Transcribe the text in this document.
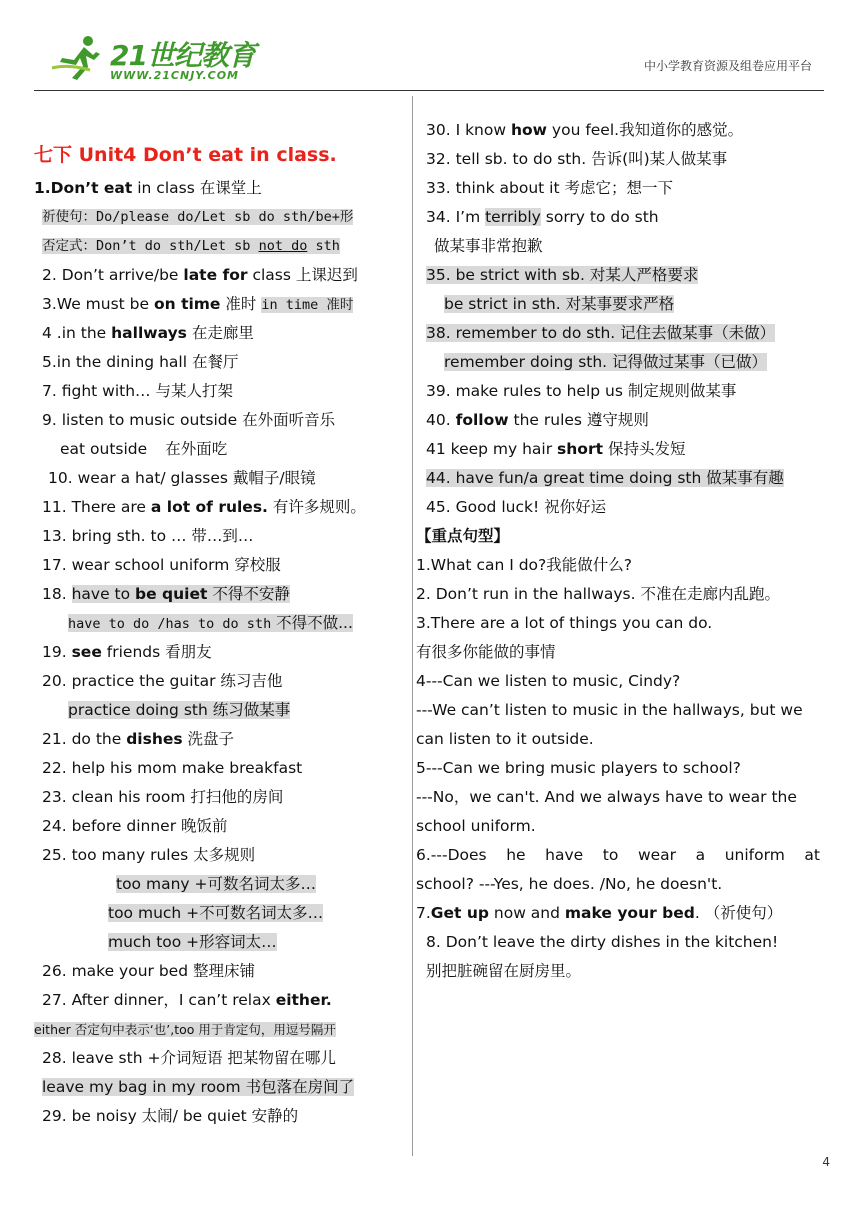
21世纪教育
WWW.21CNJY.COM
中小学教育资源及组卷应用平台
七下 Unit4 Don’t eat in class.
1.Don’t eat in class 在课堂上
祈使句：Do/please do/Let sb do sth/be+形
否定式：Don’t do sth/Let sb not do sth
2. Don’t arrive/be late for class 上课迟到
3.We must be on time 准时 in time 准时
4 .in the hallways 在走廊里
5.in the dining hall 在餐厅
7. fight with… 与某人打架
9. listen to music outside 在外面听音乐
eat outside 在外面吃
10. wear a hat/ glasses 戴帽子/眼镜
11. There are a lot of rules. 有许多规则。
13. bring sth. to … 带…到…
17. wear school uniform 穿校服
18. have to be quiet 不得不安静
have to do /has to do sth 不得不做...
19. see friends 看朋友
20. practice the guitar 练习吉他
practice doing sth 练习做某事
21. do the dishes 洗盘子
22. help his mom make breakfast
23. clean his room 打扫他的房间
24. before dinner 晚饭前
25. too many rules 太多规则
too many +可数名词太多…
too much +不可数名词太多…
much too +形容词太…
26. make your bed 整理床铺
27. After dinner，I can’t relax either.
either 否定句中表示‘也’,too 用于肯定句，用逗号隔开
28. leave sth +介词短语 把某物留在哪儿
leave my bag in my room 书包落在房间了
29. be noisy 太闹/ be quiet 安静的
30. I know how you feel.我知道你的感觉。
32. tell sb. to do sth. 告诉(叫)某人做某事
33. think about it 考虑它；想一下
34. I’m terribly sorry to do sth
做某事非常抱歉
35. be strict with sb. 对某人严格要求
be strict in sth. 对某事要求严格
38. remember to do sth. 记住去做某事（未做）
remember doing sth. 记得做过某事（已做）
39. make rules to help us 制定规则做某事
40. follow the rules 遵守规则
41 keep my hair short 保持头发短
44. have fun/a great time doing sth 做某事有趣
45. Good luck! 祝你好运
【重点句型】
1.What can I do?我能做什么?
2. Don’t run in the hallways. 不准在走廊内乱跑。
3.There are a lot of things you can do.
有很多你能做的事情
4---Can we listen to music, Cindy?
---We can’t listen to music in the hallways, but we
can listen to it outside.
5---Can we bring music players to school?
---No，we can't. And we always have to wear the
school uniform.
6.---Does he have to wear a uniform at
school? ---Yes, he does. /No, he doesn't.
7.Get up now and make your bed. （祈使句）
8. Don’t leave the dirty dishes in the kitchen!
别把脏碗留在厨房里。
4
